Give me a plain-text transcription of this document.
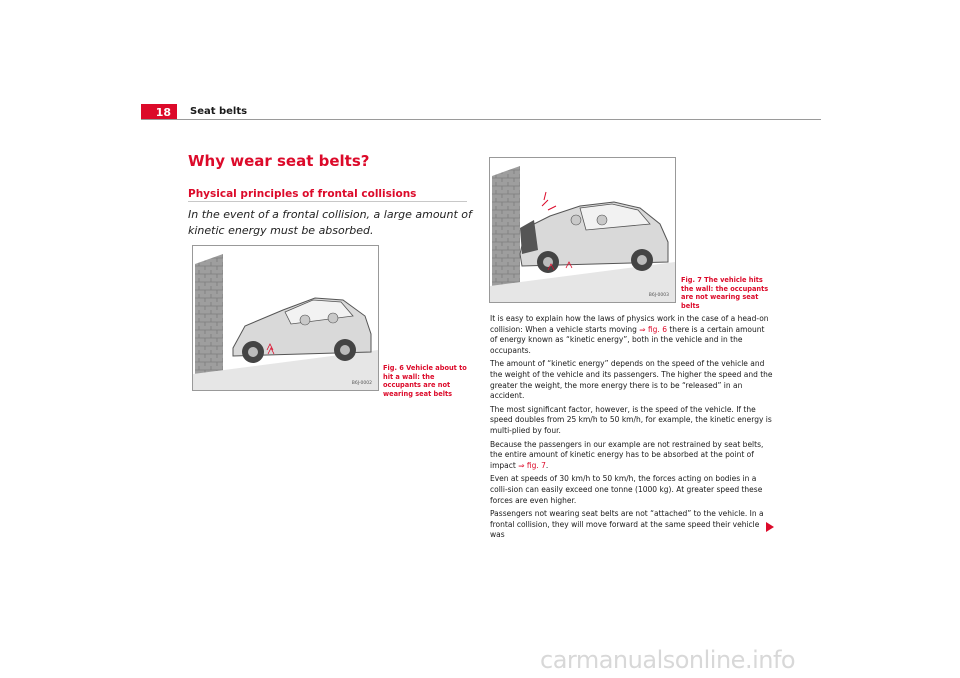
18	Seat belts
Why wear seat belts?
Physical principles of frontal collisions
In the event of a frontal collision, a large amount of kinetic energy must be absorbed.
B6J-0002
Fig. 6 Vehicle about to hit a wall: the occupants are not wearing seat belts
B6J-0003
Fig. 7 The vehicle hits the wall: the occupants are not wearing seat belts

It is easy to explain how the laws of physics work in the case of a head-on collision: When a vehicle starts moving ⇒ fig. 6 there is a certain amount of energy known as “kinetic energy”, both in the vehicle and in the occupants.

The amount of “kinetic energy” depends on the speed of the vehicle and the weight of the vehicle and its passengers. The higher the speed and the greater the weight, the more energy there is to be “released” in an accident.

The most significant factor, however, is the speed of the vehicle. If the speed doubles from 25 km/h to 50 km/h, for example, the kinetic energy is multi-plied by four.

Because the passengers in our example are not restrained by seat belts, the entire amount of kinetic energy has to be absorbed at the point of impact ⇒ fig. 7.

Even at speeds of 30 km/h to 50 km/h, the forces acting on bodies in a colli-sion can easily exceed one tonne (1000 kg). At greater speed these forces are even higher.

Passengers not wearing seat belts are not “attached” to the vehicle. In a frontal collision, they will move forward at the same speed their vehicle was

carmanualsonline.info
